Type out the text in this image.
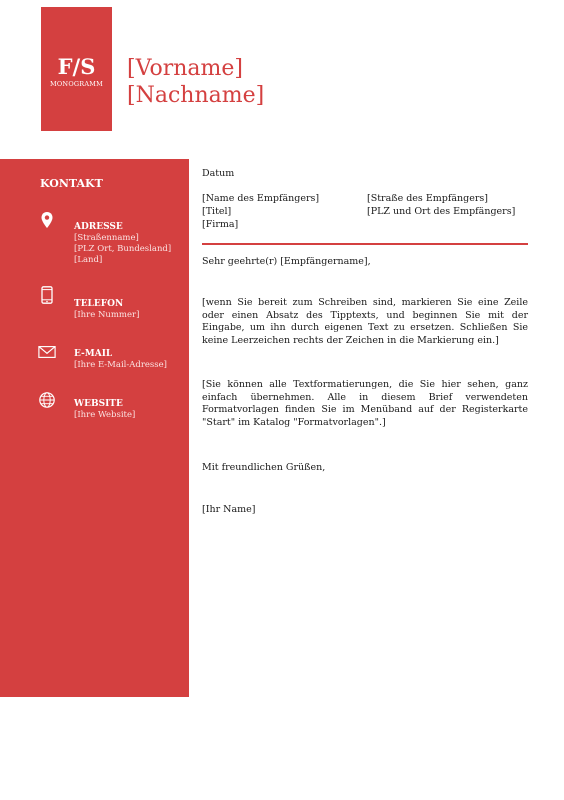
F/S
MONOGRAMM
[Vorname]
[Nachname]
KONTAKT
ADRESSE
[Straßenname]
[PLZ Ort, Bundesland]
[Land]
TELEFON
[Ihre Nummer]
E-MAIL
[Ihre E-Mail-Adresse]
WEBSITE
[Ihre Website]
Datum
[Name des Empfängers]
[Titel]
[Firma]
[Straße des Empfängers]
[PLZ und Ort des Empfängers]
Sehr geehrte(r) [Empfängername],

[wenn Sie bereit zum Schreiben sind, markieren Sie eine Zeile oder einen Absatz des Tipptexts, und beginnen Sie mit der Eingabe, um ihn durch eigenen Text zu ersetzen. Schließen Sie keine Leerzeichen rechts der Zeichen in die Markierung ein.]

[Sie können alle Textformatierungen, die Sie hier sehen, ganz einfach übernehmen. Alle in diesem Brief verwendeten Formatvorlagen finden Sie im Menüband auf der Registerkarte "Start" im Katalog "Formatvorlagen".]

Mit freundlichen Grüßen,
[Ihr Name]
